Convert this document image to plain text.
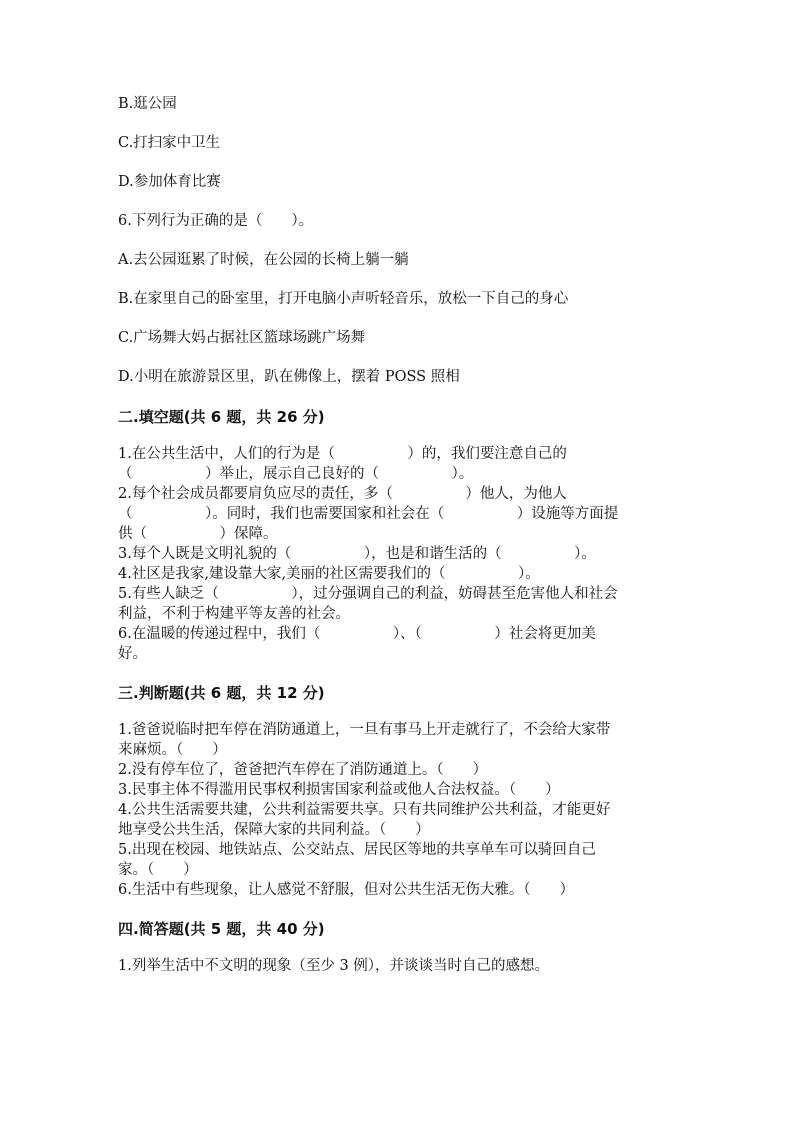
B.逛公园
C.打扫家中卫生
D.参加体育比赛
6.下列行为正确的是（　　）。
A.去公园逛累了时候，在公园的长椅上躺一躺
B.在家里自己的卧室里，打开电脑小声听轻音乐，放松一下自己的身心
C.广场舞大妈占据社区篮球场跳广场舞
D.小明在旅游景区里，趴在佛像上，摆着 POSS 照相
二.填空题(共 6 题，共 26 分)
1.在公共生活中，人们的行为是（　　　　　）的，我们要注意自己的
（　　　　　）举止，展示自己良好的（　　　　　）。
2.每个社会成员都要肩负应尽的责任，多（　　　　　）他人，为他人
（　　　　　）。同时，我们也需要国家和社会在（　　　　　）设施等方面提
供（　　　　　）保障。
3.每个人既是文明礼貌的（　　　　　），也是和谐生活的（　　　　　）。
4.社区是我家,建设靠大家,美丽的社区需要我们的（　　　　　）。
5.有些人缺乏（　　　　　），过分强调自己的利益，妨碍甚至危害他人和社会
利益，不利于构建平等友善的社会。
6.在温暖的传递过程中，我们（　　　　　）、（　　　　　）社会将更加美
好。
三.判断题(共 6 题，共 12 分)
1.爸爸说临时把车停在消防通道上，一旦有事马上开走就行了，不会给大家带
来麻烦。（　　）
2.没有停车位了，爸爸把汽车停在了消防通道上。（　　）
3.民事主体不得滥用民事权利损害国家利益或他人合法权益。（　　）
4.公共生活需要共建，公共利益需要共享。只有共同维护公共利益，才能更好
地享受公共生活，保障大家的共同利益。（　　）
5.出现在校园、地铁站点、公交站点、居民区等地的共享单车可以骑回自己
家。（　　）
6.生活中有些现象，让人感觉不舒服，但对公共生活无伤大雅。（　　）
四.简答题(共 5 题，共 40 分)
1.列举生活中不文明的现象（至少 3 例），并谈谈当时自己的感想。
